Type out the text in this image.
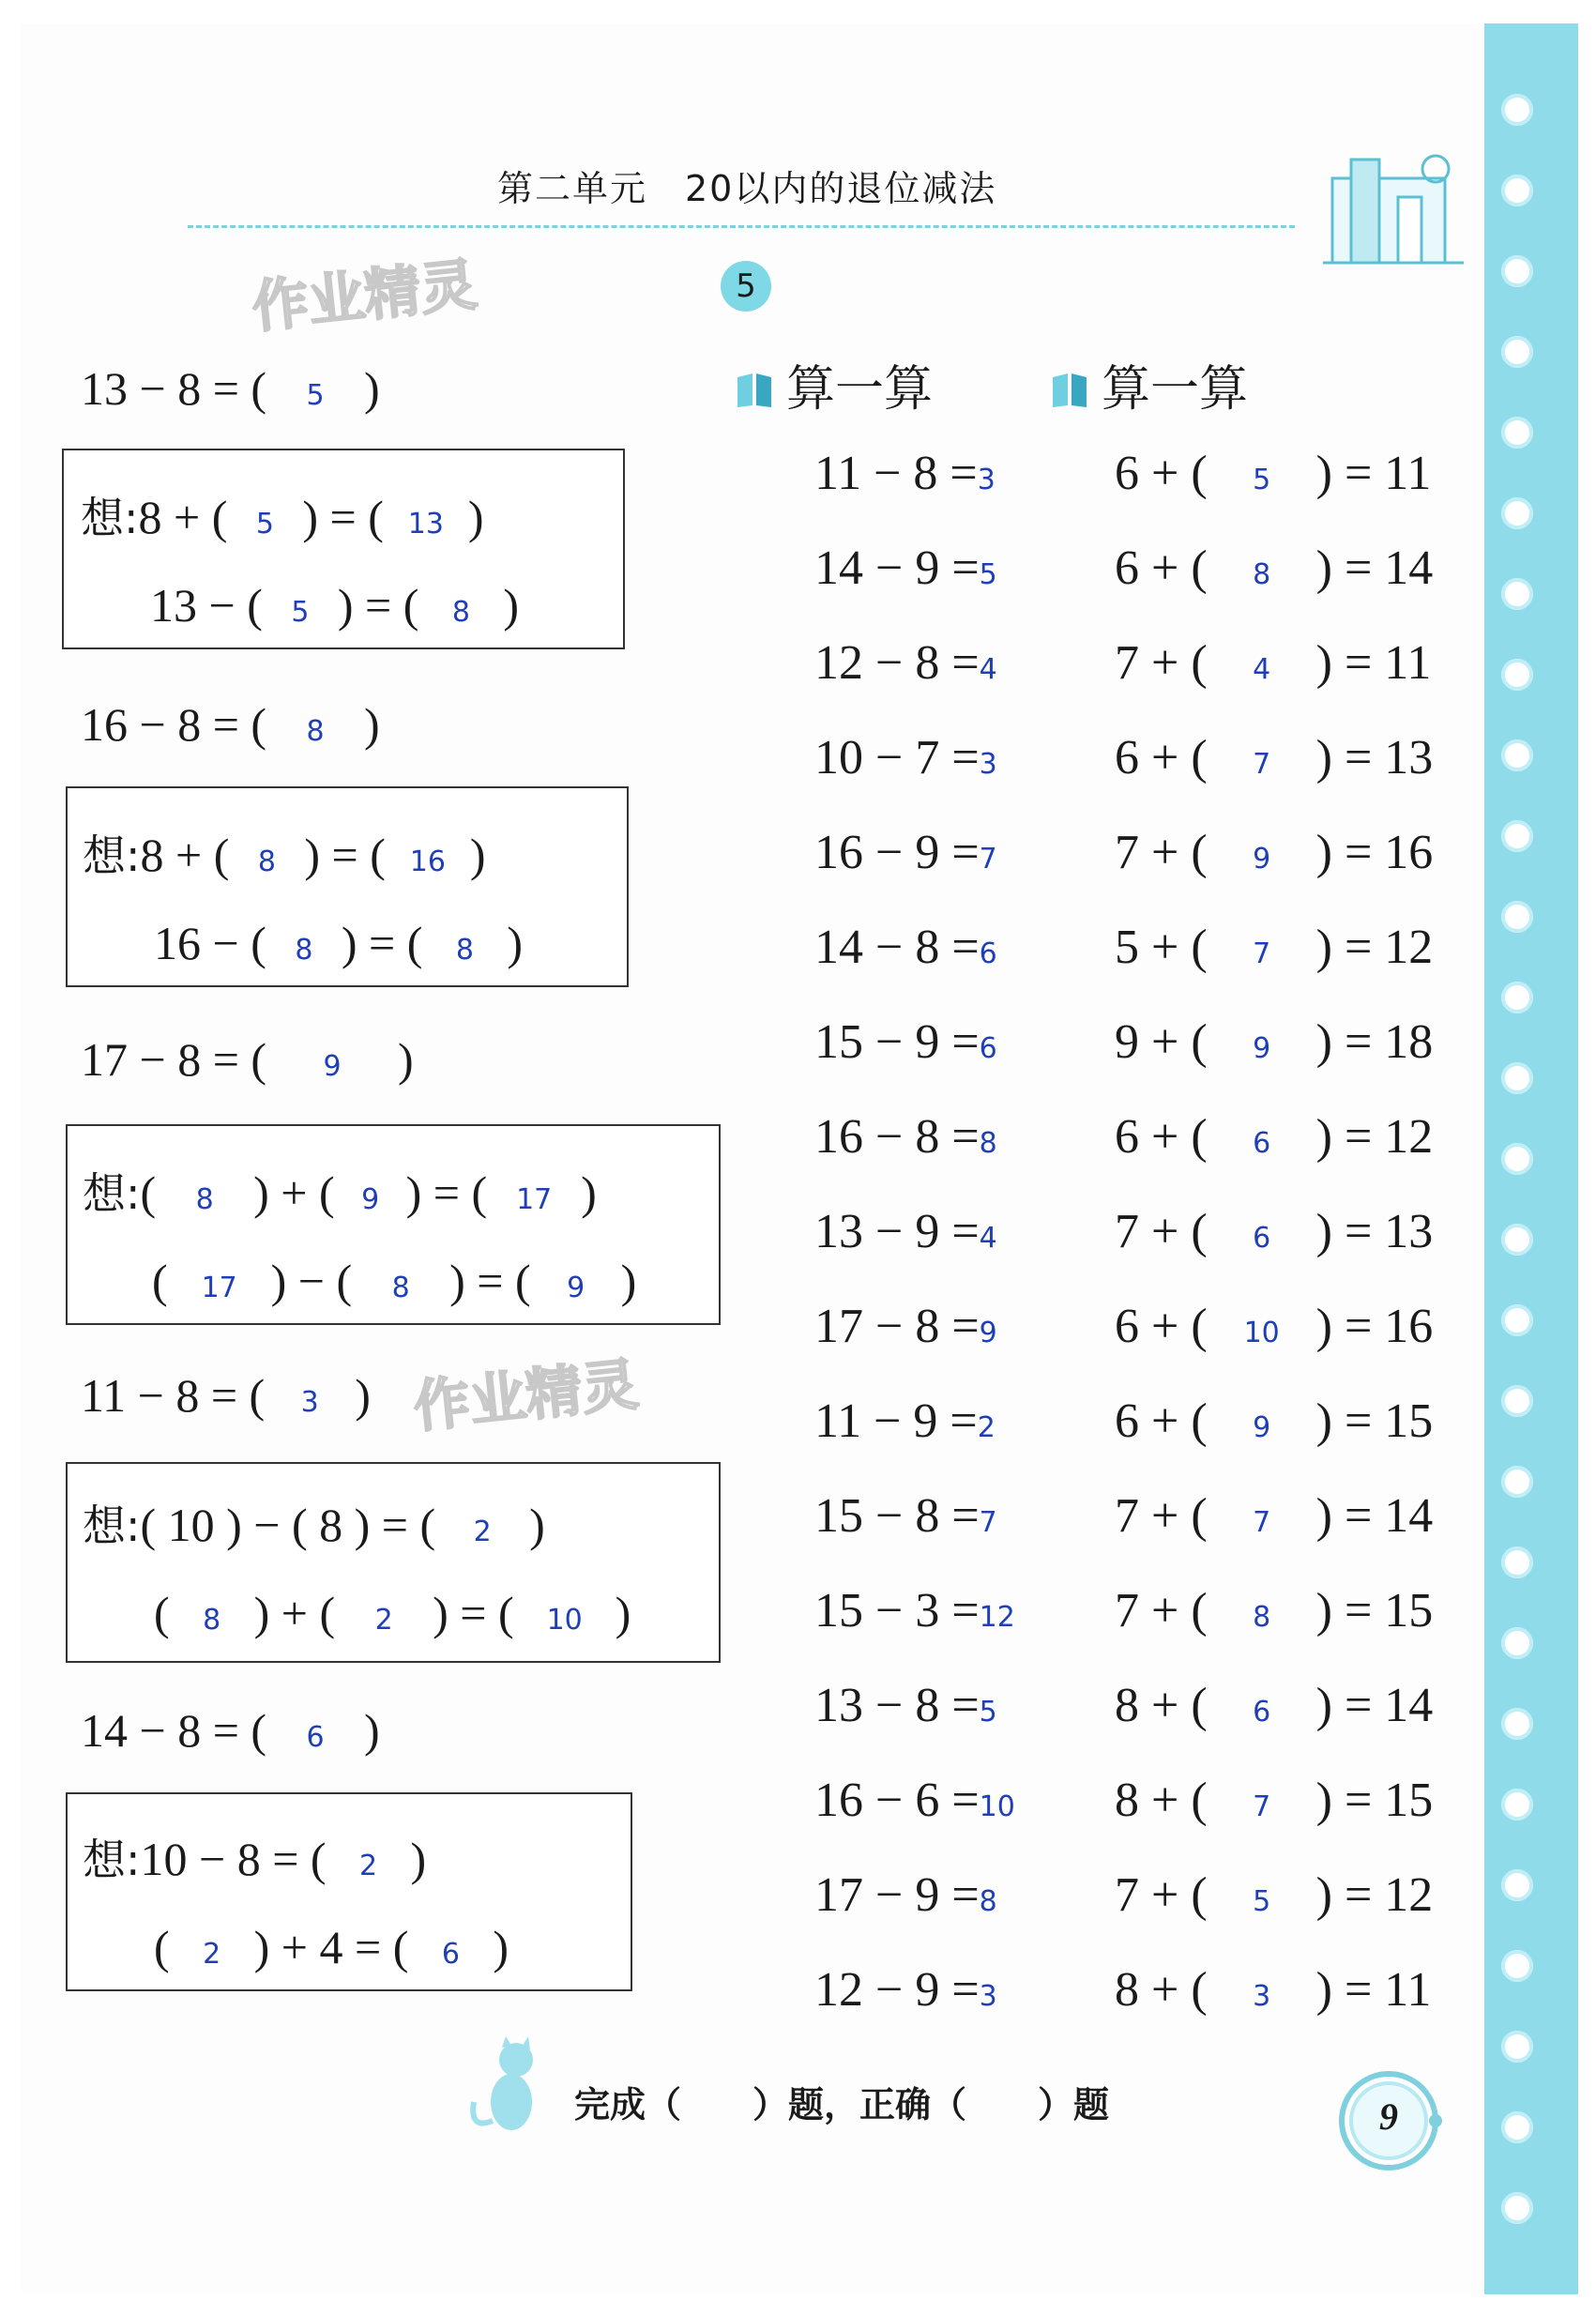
第二单元　20以内的退位减法
作业精灵
作业精灵
5
13 − 8 = ( 5 )
想:8 + ( 5 ) = ( 13 )
13 − ( 5 ) = ( 8 )
16 − 8 = ( 8 )
想:8 + ( 8 ) = ( 16 )
16 − ( 8 ) = ( 8 )
17 − 8 = ( 9 )
想:( 8 ) + ( 9 ) = ( 17 )
( 17 ) − ( 8 ) = ( 9 )
11 − 8 = ( 3 )
想:( 10 ) − ( 8 ) = ( 2 )
( 8 ) + ( 2 ) = ( 10 )
14 − 8 = ( 6 )
想:10 − 8 = ( 2 )
( 2 ) + 4 = ( 6 )
算一算	算一算
11 − 8 =3
14 − 9 =5
12 − 8 =4
10 − 7 =3
16 − 9 =7
14 − 8 =6
15 − 9 =6
16 − 8 =8
13 − 9 =4
17 − 8 =9
11 − 9 =2
15 − 8 =7
15 − 3 =12
13 − 8 =5
16 − 6 =10
17 − 9 =8
12 − 9 =3
6 + ( 5 ) = 11
6 + ( 8 ) = 14
7 + ( 4 ) = 11
6 + ( 7 ) = 13
7 + ( 9 ) = 16
5 + ( 7 ) = 12
9 + ( 9 ) = 18
6 + ( 6 ) = 12
7 + ( 6 ) = 13
6 + ( 10 ) = 16
6 + ( 9 ) = 15
7 + ( 7 ) = 14
7 + ( 8 ) = 15
8 + ( 6 ) = 14
8 + ( 7 ) = 15
7 + ( 5 ) = 12
8 + ( 3 ) = 11
完成（　　）题，正确（　　）题	9
